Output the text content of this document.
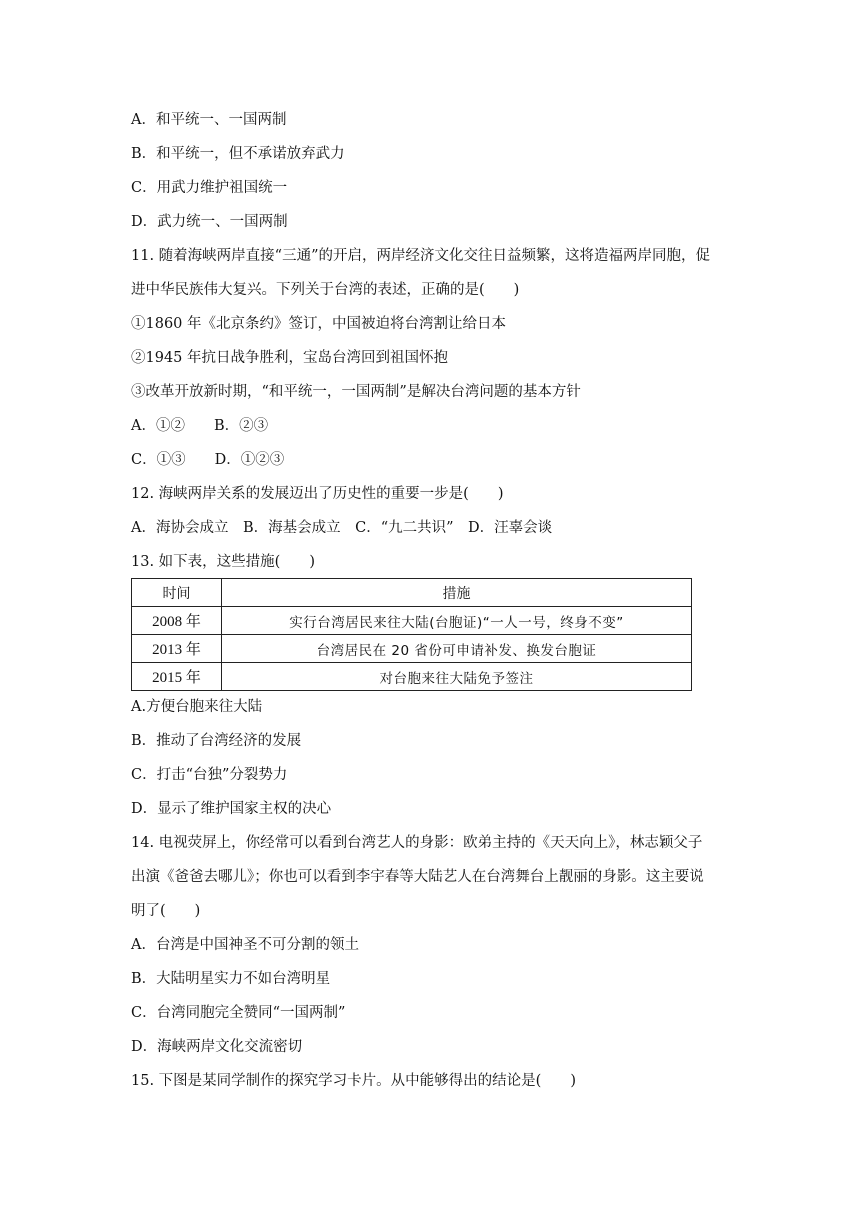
A．和平统一、一国两制
B．和平统一，但不承诺放弃武力
C．用武力维护祖国统一
D．武力统一、一国两制
11. 随着海峡两岸直接“三通”的开启，两岸经济文化交往日益频繁，这将造福两岸同胞，促
进中华民族伟大复兴。下列关于台湾的表述，正确的是(　　)
①1860 年《北京条约》签订，中国被迫将台湾割让给日本
②1945 年抗日战争胜利，宝岛台湾回到祖国怀抱
③改革开放新时期，“和平统一，一国两制”是解决台湾问题的基本方针
A．①②　　B．②③
C．①③　　D．①②③
12. 海峡两岸关系的发展迈出了历史性的重要一步是(　　)
A．海协会成立　B．海基会成立　C．“九二共识”　D．汪辜会谈
13. 如下表，这些措施(　　)
时间	措施
2008 年	实行台湾居民来往大陆(台胞证)“一人一号，终身不变”
2013 年	台湾居民在 20 省份可申请补发、换发台胞证
2015 年	对台胞来往大陆免予签注
A.方便台胞来往大陆
B．推动了台湾经济的发展
C．打击“台独”分裂势力
D．显示了维护国家主权的决心
14. 电视荧屏上，你经常可以看到台湾艺人的身影：欧弟主持的《天天向上》，林志颖父子
出演《爸爸去哪儿》；你也可以看到李宇春等大陆艺人在台湾舞台上靓丽的身影。这主要说
明了(　　)
A．台湾是中国神圣不可分割的领土
B．大陆明星实力不如台湾明星
C．台湾同胞完全赞同“一国两制”
D．海峡两岸文化交流密切
15. 下图是某同学制作的探究学习卡片。从中能够得出的结论是(　　)
